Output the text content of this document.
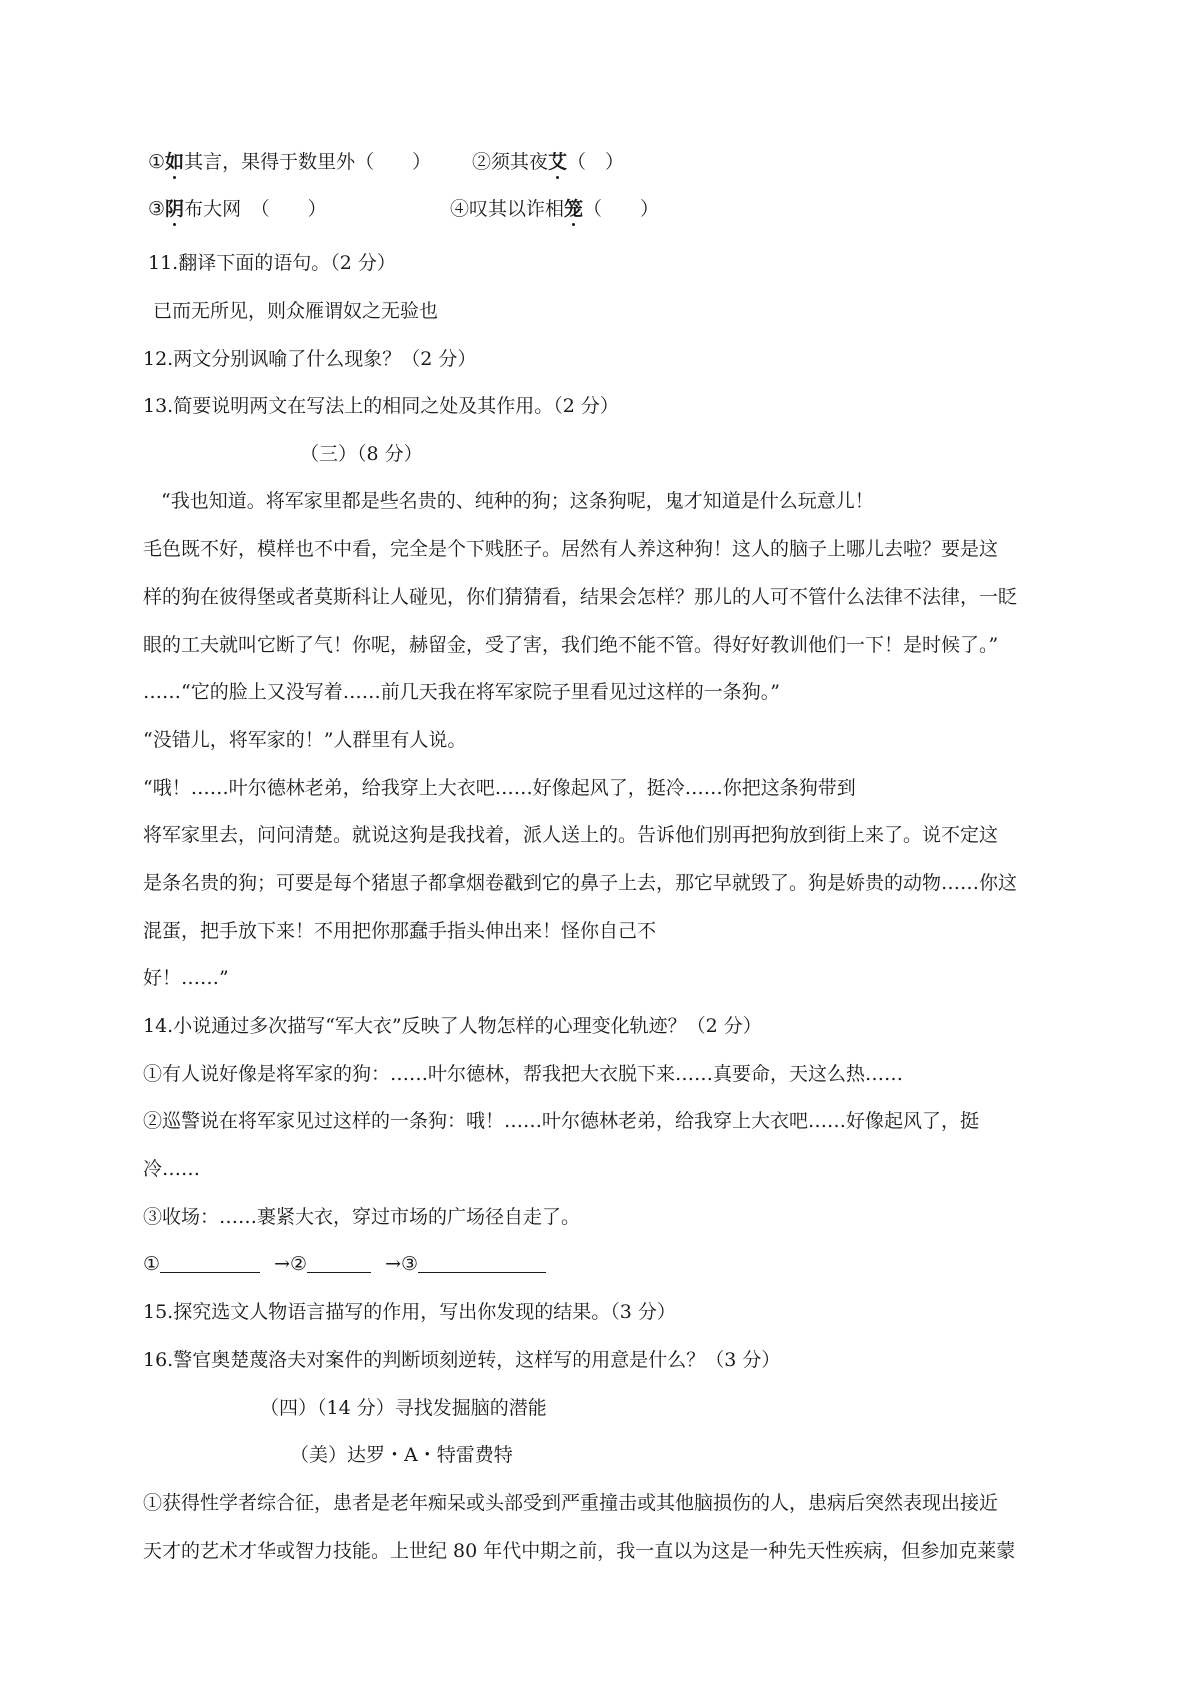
①如其言，果得于数里外（　　） ②须其夜艾（　）
③阴布大网　（　　）	④叹其以诈相笼（　　）
11.翻译下面的语句。（2 分）
已而无所见，则众雁谓奴之无验也
12.两文分别讽喻了什么现象？（2 分）
13.简要说明两文在写法上的相同之处及其作用。（2 分）
（三）（8 分）
“我也知道。将军家里都是些名贵的、纯种的狗；这条狗呢，鬼才知道是什么玩意儿！
毛色既不好，模样也不中看，完全是个下贱胚子。居然有人养这种狗！这人的脑子上哪儿去啦？要是这
样的狗在彼得堡或者莫斯科让人碰见，你们猜猜看，结果会怎样？那儿的人可不管什么法律不法律，一眨
眼的工夫就叫它断了气！你呢，赫留金，受了害，我们绝不能不管。得好好教训他们一下！是时候了。”
……“它的脸上又没写着……前几天我在将军家院子里看见过这样的一条狗。”
“没错儿，将军家的！”人群里有人说。
“哦！……叶尔德林老弟，给我穿上大衣吧……好像起风了，挺冷……你把这条狗带到
将军家里去，问问清楚。就说这狗是我找着，派人送上的。告诉他们别再把狗放到街上来了。说不定这
是条名贵的狗；可要是每个猪崽子都拿烟卷戳到它的鼻子上去，那它早就毁了。狗是娇贵的动物……你这
混蛋，把手放下来！不用把你那蠢手指头伸出来！怪你自己不
好！……”
14.小说通过多次描写“军大衣”反映了人物怎样的心理变化轨迹？（2 分）
①有人说好像是将军家的狗：……叶尔德林，帮我把大衣脱下来……真要命，天这么热……
②巡警说在将军家见过这样的一条狗：哦！……叶尔德林老弟，给我穿上大衣吧……好像起风了，挺
冷……
③收场：……裹紧大衣，穿过市场的广场径自走了。
①	→②	→③
15.探究选文人物语言描写的作用，写出你发现的结果。（3 分）
16.警官奥楚蔑洛夫对案件的判断顷刻逆转，这样写的用意是什么？（3 分）
（四）（14 分）寻找发掘脑的潜能
（美）达罗・A・特雷费特
①获得性学者综合征，患者是老年痴呆或头部受到严重撞击或其他脑损伤的人，患病后突然表现出接近
天才的艺术才华或智力技能。上世纪 80 年代中期之前，我一直以为这是一种先天性疾病，但参加克莱蒙
